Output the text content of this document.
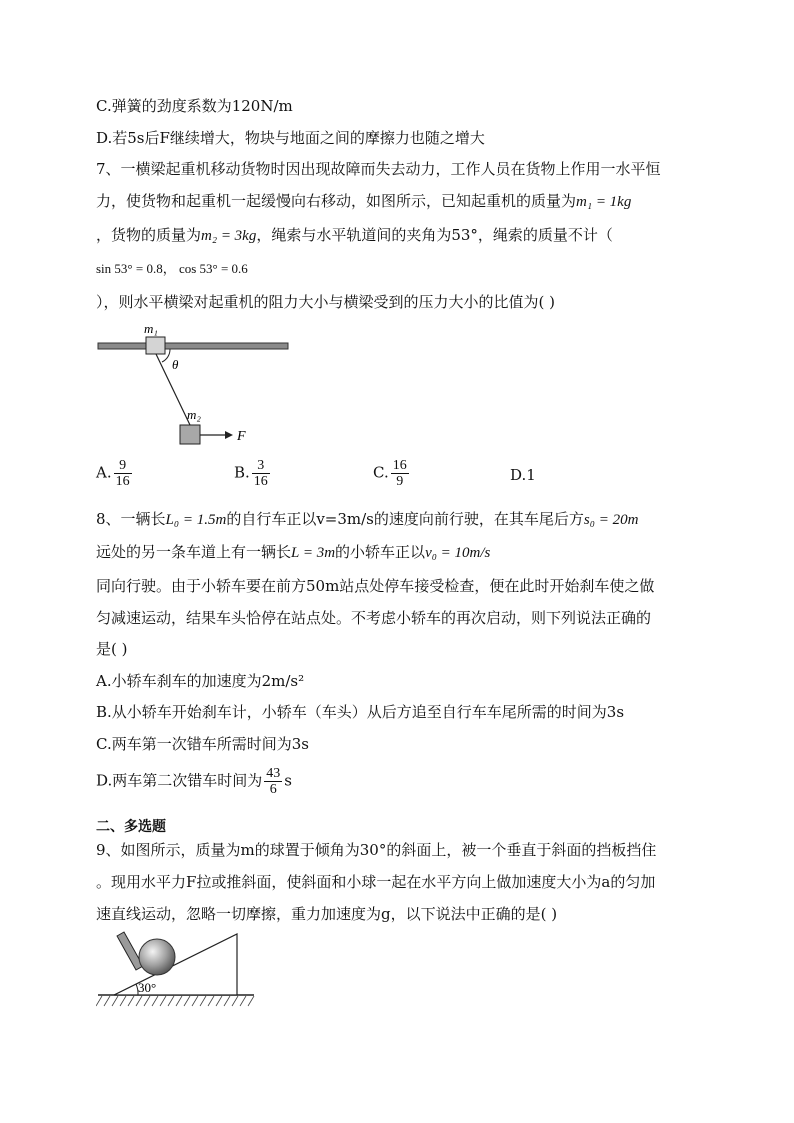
C.弹簧的劲度系数为120N/m
D.若5s后F继续增大，物块与地面之间的摩擦力也随之增大
7、一横梁起重机移动货物时因出现故障而失去动力，工作人员在货物上作用一水平恒
力，使货物和起重机一起缓慢向右移动，如图所示，已知起重机的质量为m₁ = 1kg
，货物的质量为m₂ = 3kg，绳索与水平轨道间的夹角为53°，绳索的质量不计（
sin 53° = 0.8， cos 53° = 0.6
），则水平横梁对起重机的阻力大小与横梁受到的压力大小的比值为( )
m₁
θ
m₂
F
A. $\frac{9}{16}$	B. $\frac{3}{16}$	C. $\frac{16}{9}$	D.1
8、一辆长L₀ = 1.5m的自行车正以v=3m/s的速度向前行驶，在其车尾后方s₀ = 20m
远处的另一条车道上有一辆长L = 3m的小轿车正以v₀ = 10m/s
同向行驶。由于小轿车要在前方50m站点处停车接受检查，便在此时开始刹车使之做
匀减速运动，结果车头恰停在站点处。不考虑小轿车的再次启动，则下列说法正确的
是( )
A.小轿车刹车的加速度为2m/s²
B.从小轿车开始刹车计，小轿车（车头）从后方追至自行车车尾所需的时间为3s
C.两车第一次错车所需时间为3s
D.两车第二次错车时间为 $\frac{43}{6}$ s
二、多选题
9、如图所示，质量为m的球置于倾角为30°的斜面上，被一个垂直于斜面的挡板挡住
。现用水平力F拉或推斜面，使斜面和小球一起在水平方向上做加速度大小为a的匀加
速直线运动，忽略一切摩擦，重力加速度为g，以下说法中正确的是( )
30°
